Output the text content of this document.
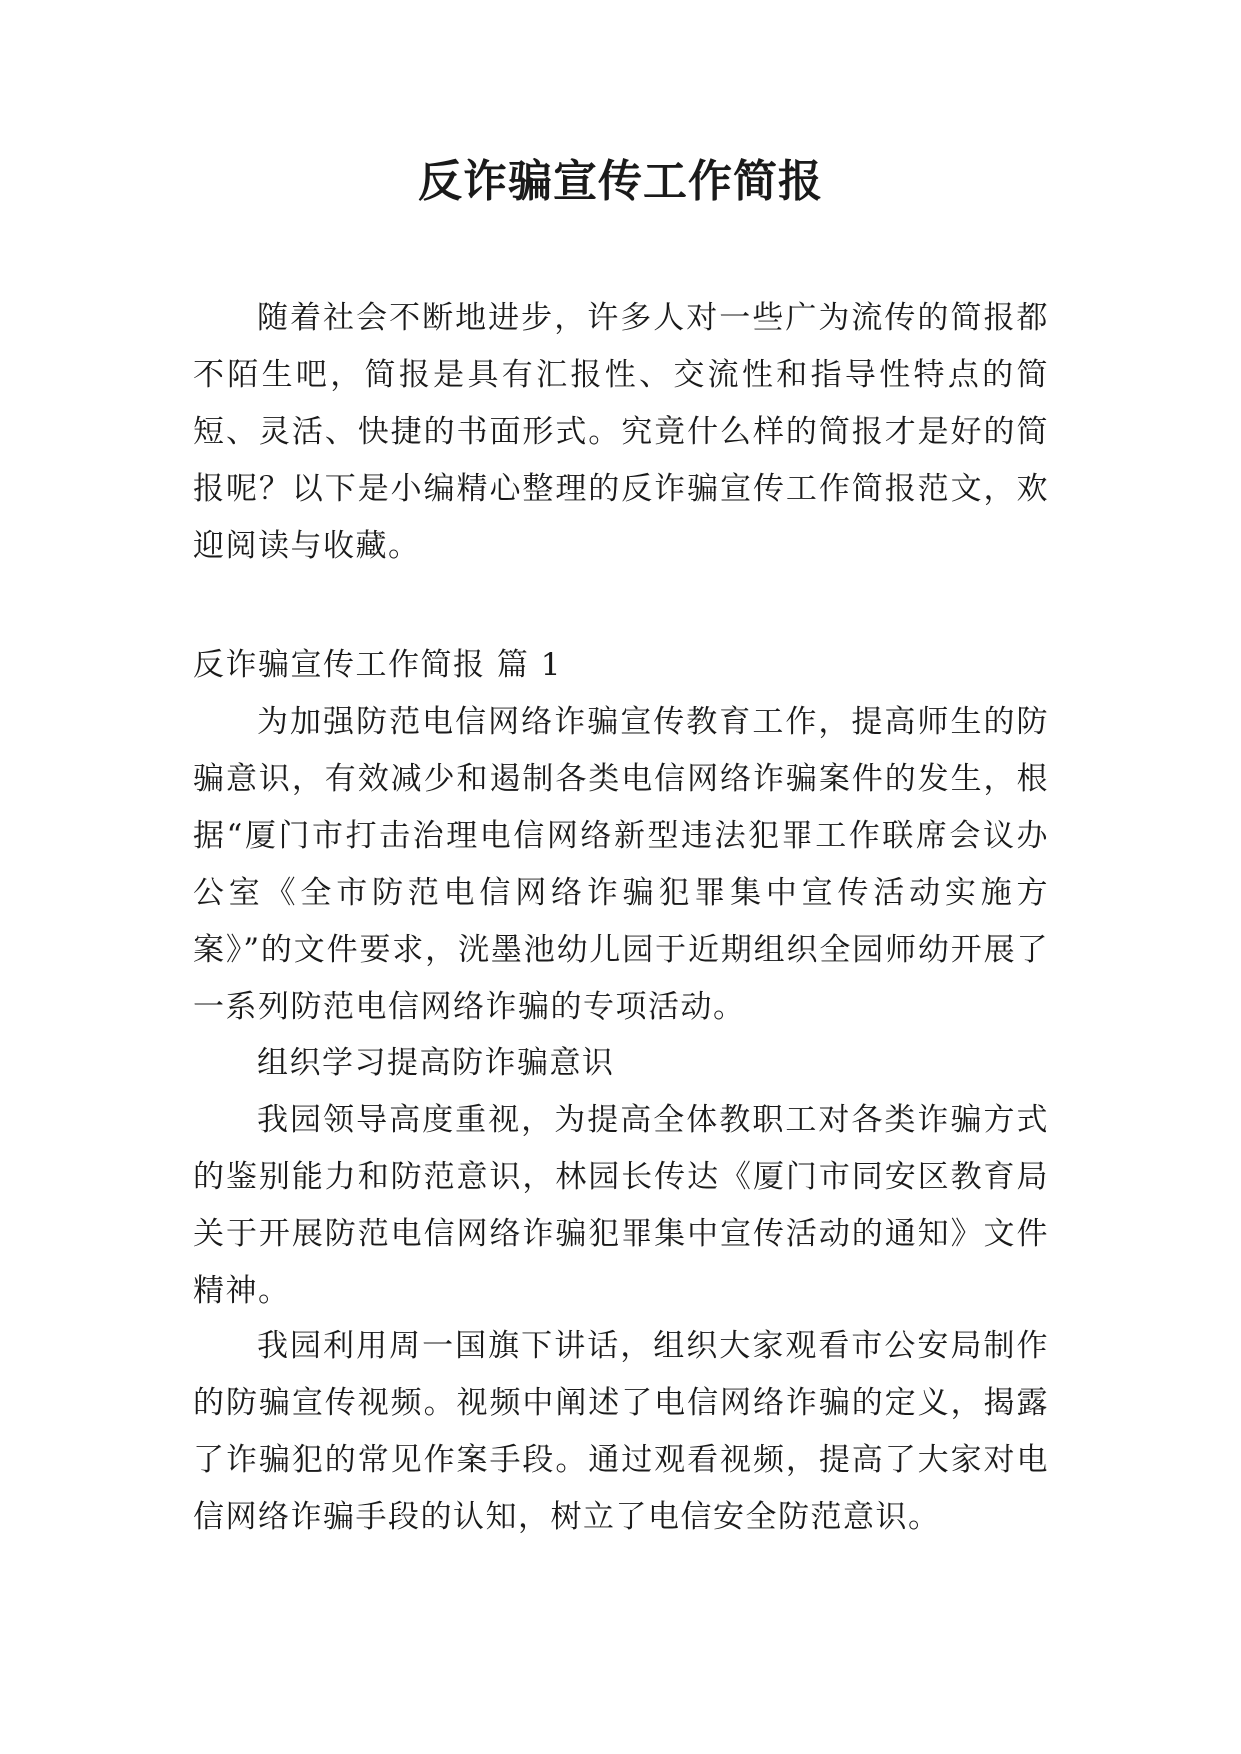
反诈骗宣传工作简报

随着社会不断地进步，许多人对一些广为流传的简报都不陌生吧，简报是具有汇报性、交流性和指导性特点的简短、灵活、快捷的书面形式。究竟什么样的简报才是好的简报呢？以下是小编精心整理的反诈骗宣传工作简报范文，欢迎阅读与收藏。

反诈骗宣传工作简报 篇 1

为加强防范电信网络诈骗宣传教育工作，提高师生的防骗意识，有效减少和遏制各类电信网络诈骗案件的发生，根据“厦门市打击治理电信网络新型违法犯罪工作联席会议办公室《全市防范电信网络诈骗犯罪集中宣传活动实施方案》”的文件要求，洸墨池幼儿园于近期组织全园师幼开展了一系列防范电信网络诈骗的专项活动。

组织学习提高防诈骗意识

我园领导高度重视，为提高全体教职工对各类诈骗方式的鉴别能力和防范意识，林园长传达《厦门市同安区教育局关于开展防范电信网络诈骗犯罪集中宣传活动的通知》文件精神。

我园利用周一国旗下讲话，组织大家观看市公安局制作的防骗宣传视频。视频中阐述了电信网络诈骗的定义，揭露了诈骗犯的常见作案手段。通过观看视频，提高了大家对电信网络诈骗手段的认知，树立了电信安全防范意识。
